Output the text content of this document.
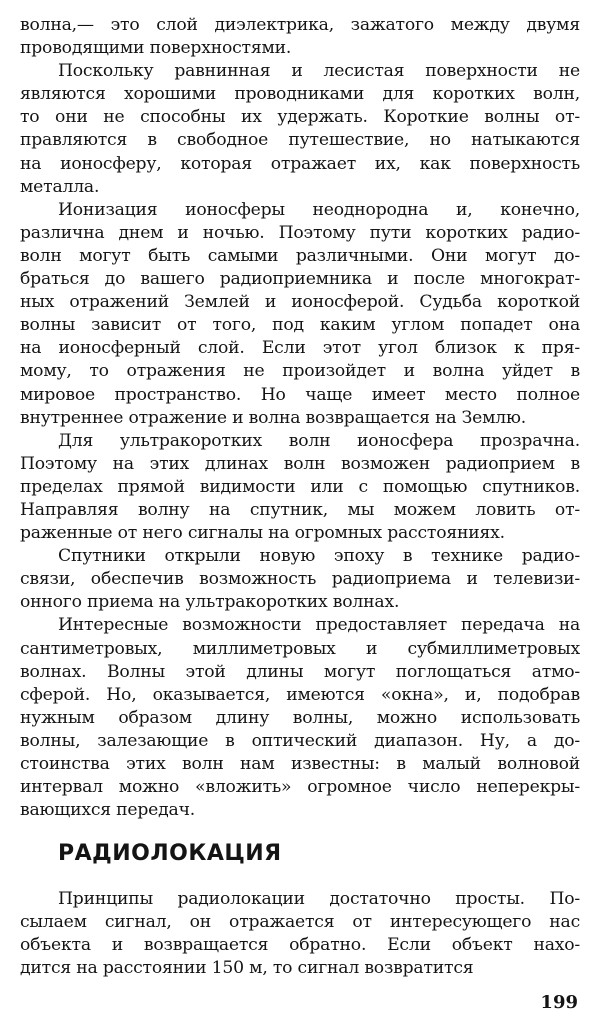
волна,— это слой диэлектрика, зажатого между двумя
проводящими поверхностями.

Поскольку равнинная и лесистая поверхности не
являются хорошими проводниками для коротких волн,
то они не способны их удержать. Короткие волны от-
правляются в свободное путешествие, но натыкаются
на ионосферу, которая отражает их, как поверхность
металла.

Ионизация ионосферы неоднородна и, конечно,
различна днем и ночью. Поэтому пути коротких радио-
волн могут быть самыми различными. Они могут до-
браться до вашего радиоприемника и после многократ-
ных отражений Землей и ионосферой. Судьба короткой
волны зависит от того, под каким углом попадет она
на ионосферный слой. Если этот угол близок к пря-
мому, то отражения не произойдет и волна уйдет в
мировое пространство. Но чаще имеет место полное
внутреннее отражение и волна возвращается на Землю.

Для ультракоротких волн ионосфера прозрачна.
Поэтому на этих длинах волн возможен радиоприем в
пределах прямой видимости или с помощью спутников.
Направляя волну на спутник, мы можем ловить от-
раженные от него сигналы на огромных расстояниях.

Спутники открыли новую эпоху в технике радио-
связи, обеспечив возможность радиоприема и телевизи-
онного приема на ультракоротких волнах.

Интересные возможности предоставляет передача на
сантиметровых, миллиметровых и субмиллиметровых
волнах. Волны этой длины могут поглощаться атмо-
сферой. Но, оказывается, имеются «окна», и, подобрав
нужным образом длину волны, можно использовать
волны, залезающие в оптический диапазон. Ну, а до-
стоинства этих волн нам известны: в малый волновой
интервал можно «вложить» огромное число неперекры-
вающихся передач.

РАДИОЛОКАЦИЯ

Принципы радиолокации достаточно просты. По-
сылаем сигнал, он отражается от интересующего нас
объекта и возвращается обратно. Если объект нахо-
дится на расстоянии 150 м, то сигнал возвратится

199
